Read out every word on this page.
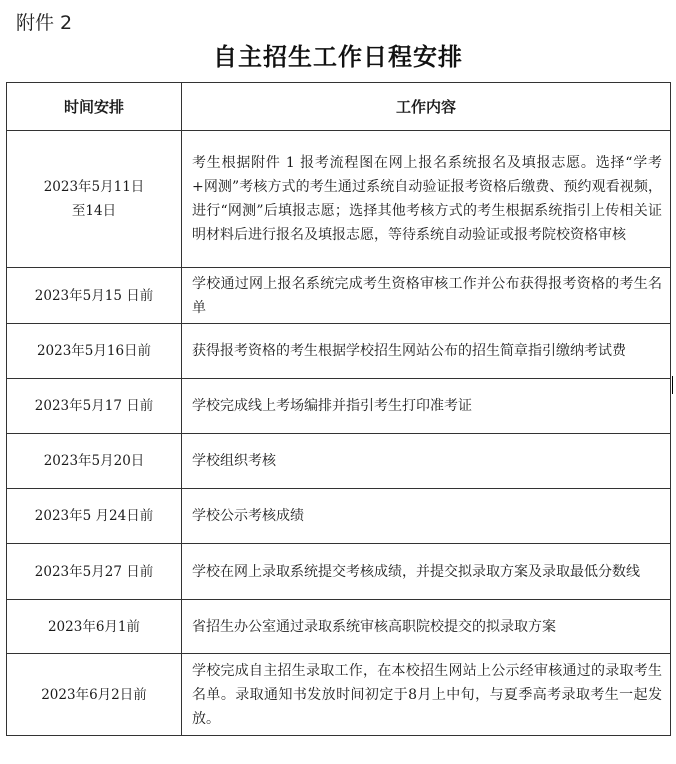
附件 2
自主招生工作日程安排
时间安排	工作内容
2023年5月11日
至14日	考生根据附件 1 报考流程图在网上报名系统报名及填报志愿。选择“学考+网测”考核方式的考生通过系统自动验证报考资格后缴费、预约观看视频，进行“网测”后填报志愿；选择其他考核方式的考生根据系统指引上传相关证明材料后进行报名及填报志愿，等待系统自动验证或报考院校资格审核
2023年5月15 日前	学校通过网上报名系统完成考生资格审核工作并公布获得报考资格的考生名单
2023年5月16日前	获得报考资格的考生根据学校招生网站公布的招生简章指引缴纳考试费
2023年5月17 日前	学校完成线上考场编排并指引考生打印准考证
2023年5月20日	学校组织考核
2023年5 月24日前	学校公示考核成绩
2023年5月27 日前	学校在网上录取系统提交考核成绩，并提交拟录取方案及录取最低分数线
2023年6月1前	省招生办公室通过录取系统审核高职院校提交的拟录取方案
2023年6月2日前	学校完成自主招生录取工作，在本校招生网站上公示经审核通过的录取考生名单。录取通知书发放时间初定于8月上中旬，与夏季高考录取考生一起发放。
